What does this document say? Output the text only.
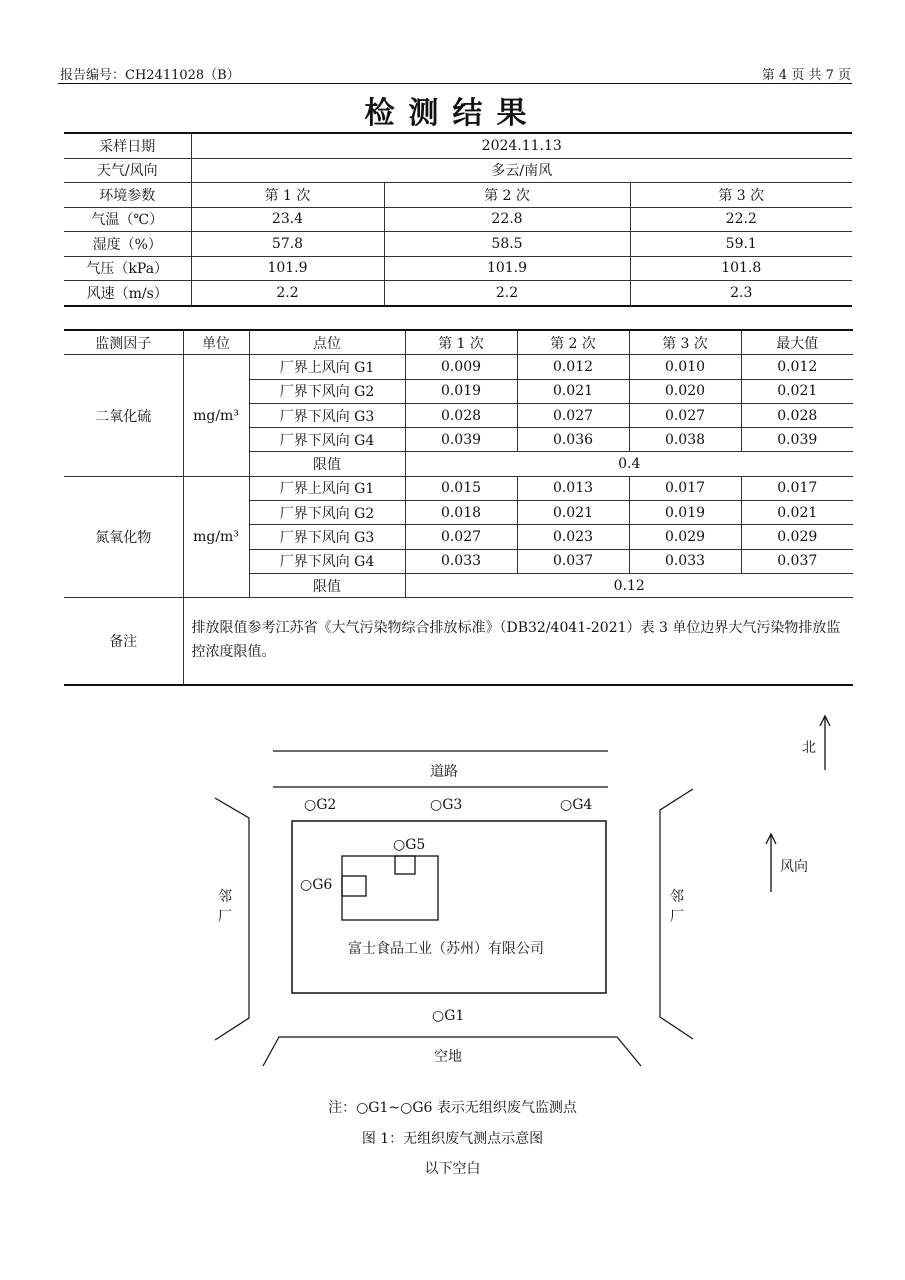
报告编号：CH2411028（B）	第 4 页 共 7 页
检测结果
采样日期	2024.11.13		
天气/风向	多云/南风		
环境参数	第 1 次	第 2 次	第 3 次
气温（℃）	23.4	22.8	22.2
湿度（%）	57.8	58.5	59.1
气压（kPa）	101.9	101.9	101.8
风速（m/s）	2.2	2.2	2.3
监测因子	单位	点位	第 1 次	第 2 次	第 3 次	最大值
二氧化硫	mg/m³	厂界上风向 G1	0.009	0.012	0.010	0.012
		厂界下风向 G2	0.019	0.021	0.020	0.021
		厂界下风向 G3	0.028	0.027	0.027	0.028
		厂界下风向 G4	0.039	0.036	0.038	0.039
		限值	0.4			
氮氧化物	mg/m³	厂界上风向 G1	0.015	0.013	0.017	0.017
		厂界下风向 G2	0.018	0.021	0.019	0.021
		厂界下风向 G3	0.027	0.023	0.029	0.029
		厂界下风向 G4	0.033	0.037	0.033	0.037
		限值	0.12			
备注	排放限值参考江苏省《大气污染物综合排放标准》（DB32/4041-2021）表 3 单位边界大气污染物排放监控浓度限值。					
北
风向
道路
○G2	○G3	○G4
○G5
○G6
邻厂
邻厂
富士食品工业（苏州）有限公司
○G1
空地
注：○G1~○G6 表示无组织废气监测点
图 1：无组织废气测点示意图
以下空白
